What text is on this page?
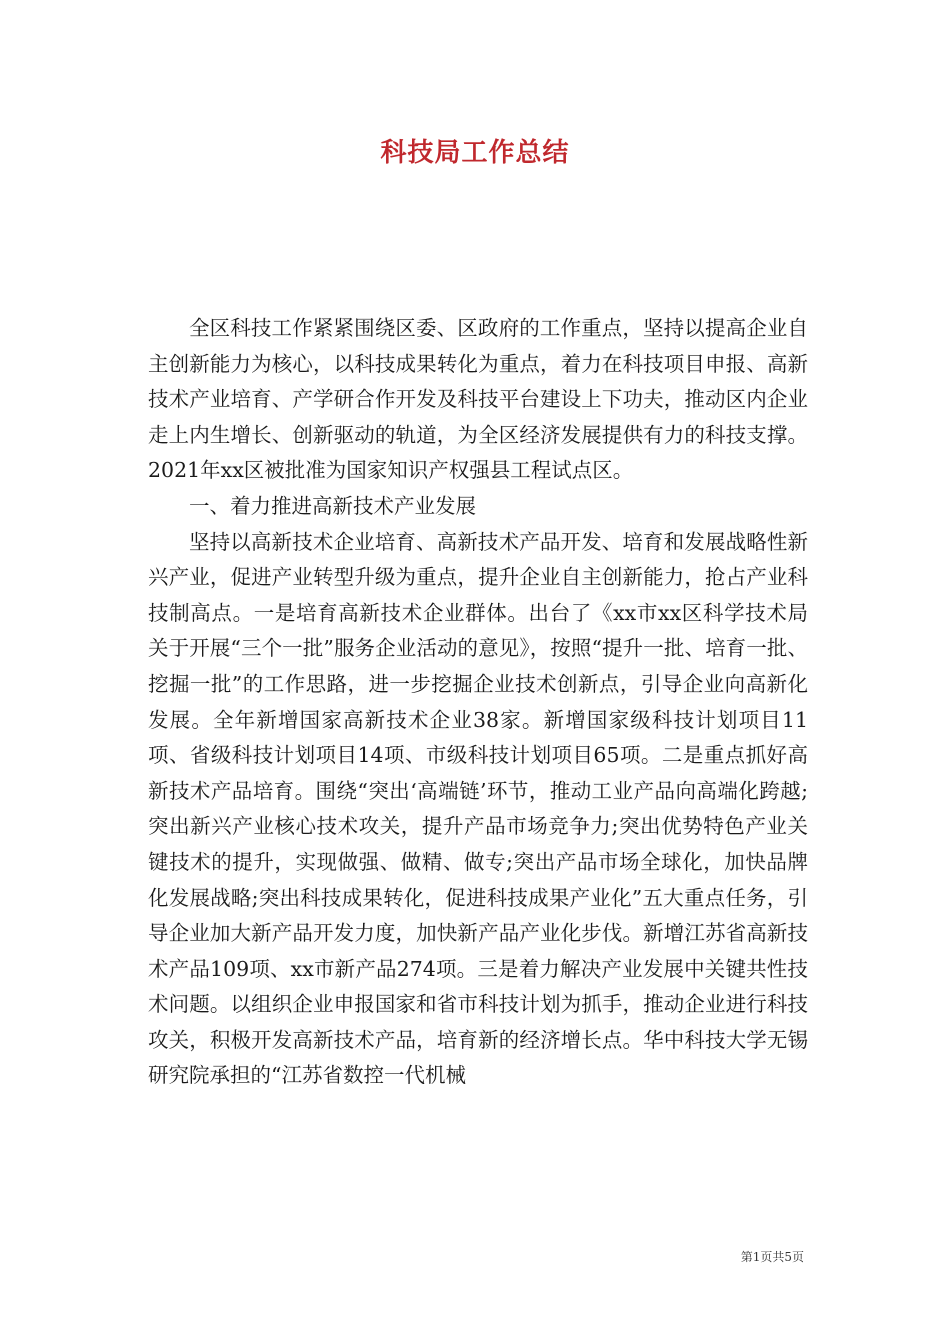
科技局工作总结

全区科技工作紧紧围绕区委、区政府的工作重点，坚持以提高企业自主创新能力为核心，以科技成果转化为重点，着力在科技项目申报、高新技术产业培育、产学研合作开发及科技平台建设上下功夫，推动区内企业走上内生增长、创新驱动的轨道，为全区经济发展提供有力的科技支撑。2021年xx区被批准为国家知识产权强县工程试点区。

一、着力推进高新技术产业发展

坚持以高新技术企业培育、高新技术产品开发、培育和发展战略性新兴产业，促进产业转型升级为重点，提升企业自主创新能力，抢占产业科技制高点。一是培育高新技术企业群体。出台了《xx市xx区科学技术局关于开展“三个一批”服务企业活动的意见》，按照“提升一批、培育一批、挖掘一批”的工作思路，进一步挖掘企业技术创新点，引导企业向高新化发展。全年新增国家高新技术企业38家。新增国家级科技计划项目11项、省级科技计划项目14项、市级科技计划项目65项。二是重点抓好高新技术产品培育。围绕“突出‘高端链’环节，推动工业产品向高端化跨越;突出新兴产业核心技术攻关，提升产品市场竞争力;突出优势特色产业关键技术的提升，实现做强、做精、做专;突出产品市场全球化，加快品牌化发展战略;突出科技成果转化，促进科技成果产业化”五大重点任务，引导企业加大新产品开发力度，加快新产品产业化步伐。新增江苏省高新技术产品109项、xx市新产品274项。三是着力解决产业发展中关键共性技术问题。以组织企业申报国家和省市科技计划为抓手，推动企业进行科技攻关，积极开发高新技术产品，培育新的经济增长点。华中科技大学无锡研究院承担的“江苏省数控一代机械

第1页共5页
